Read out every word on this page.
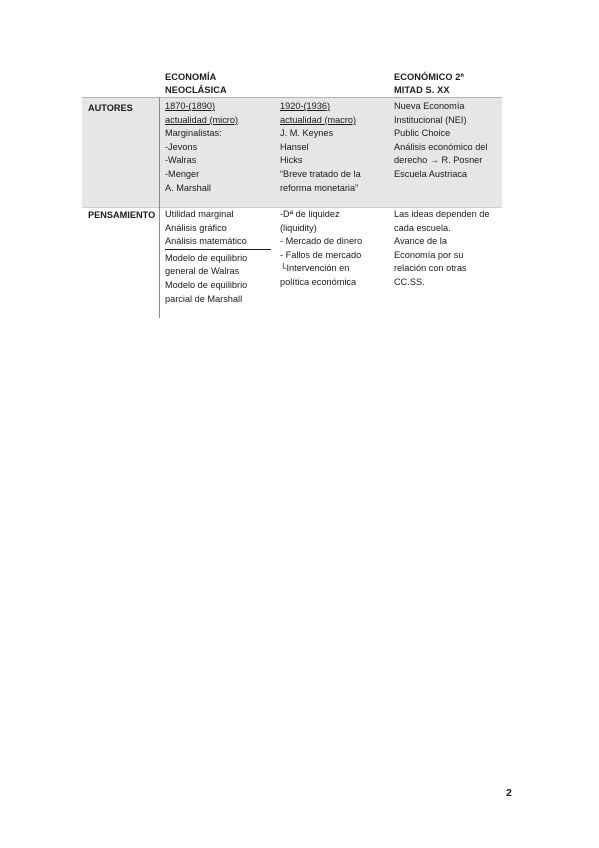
ECONOMÍA
NEOCLÁSICA
ECONÓMICO 2ª
MITAD S. XX
AUTORES
PENSAMIENTO
1870-(1890)
actualidad (micro)
Marginalistas:
-Jevons
-Walras
-Menger
A. Marshall
1920-(1936)
actualidad (macro)
J. M. Keynes
Hansel
Hicks
“Breve tratado de la
reforma monetaria”
Nueva Economía
Institucional (NEI)
Public Choice
Análisis económico del
derecho → R. Posner
Escuela Austriaca
Utilidad marginal
Análisis gráfico
Análisis matemático
Modelo de equilibrio
general de Walras
Modelo de equilibrio
parcial de Marshall
-Dª de liquidez
(liquidity)
- Mercado de dinero
- Fallos de mercado
└Intervención en
política económica
Las ideas dependen de
cada escuela.
Avance de la
Economía por su
relación con otras
CC.SS.
2
